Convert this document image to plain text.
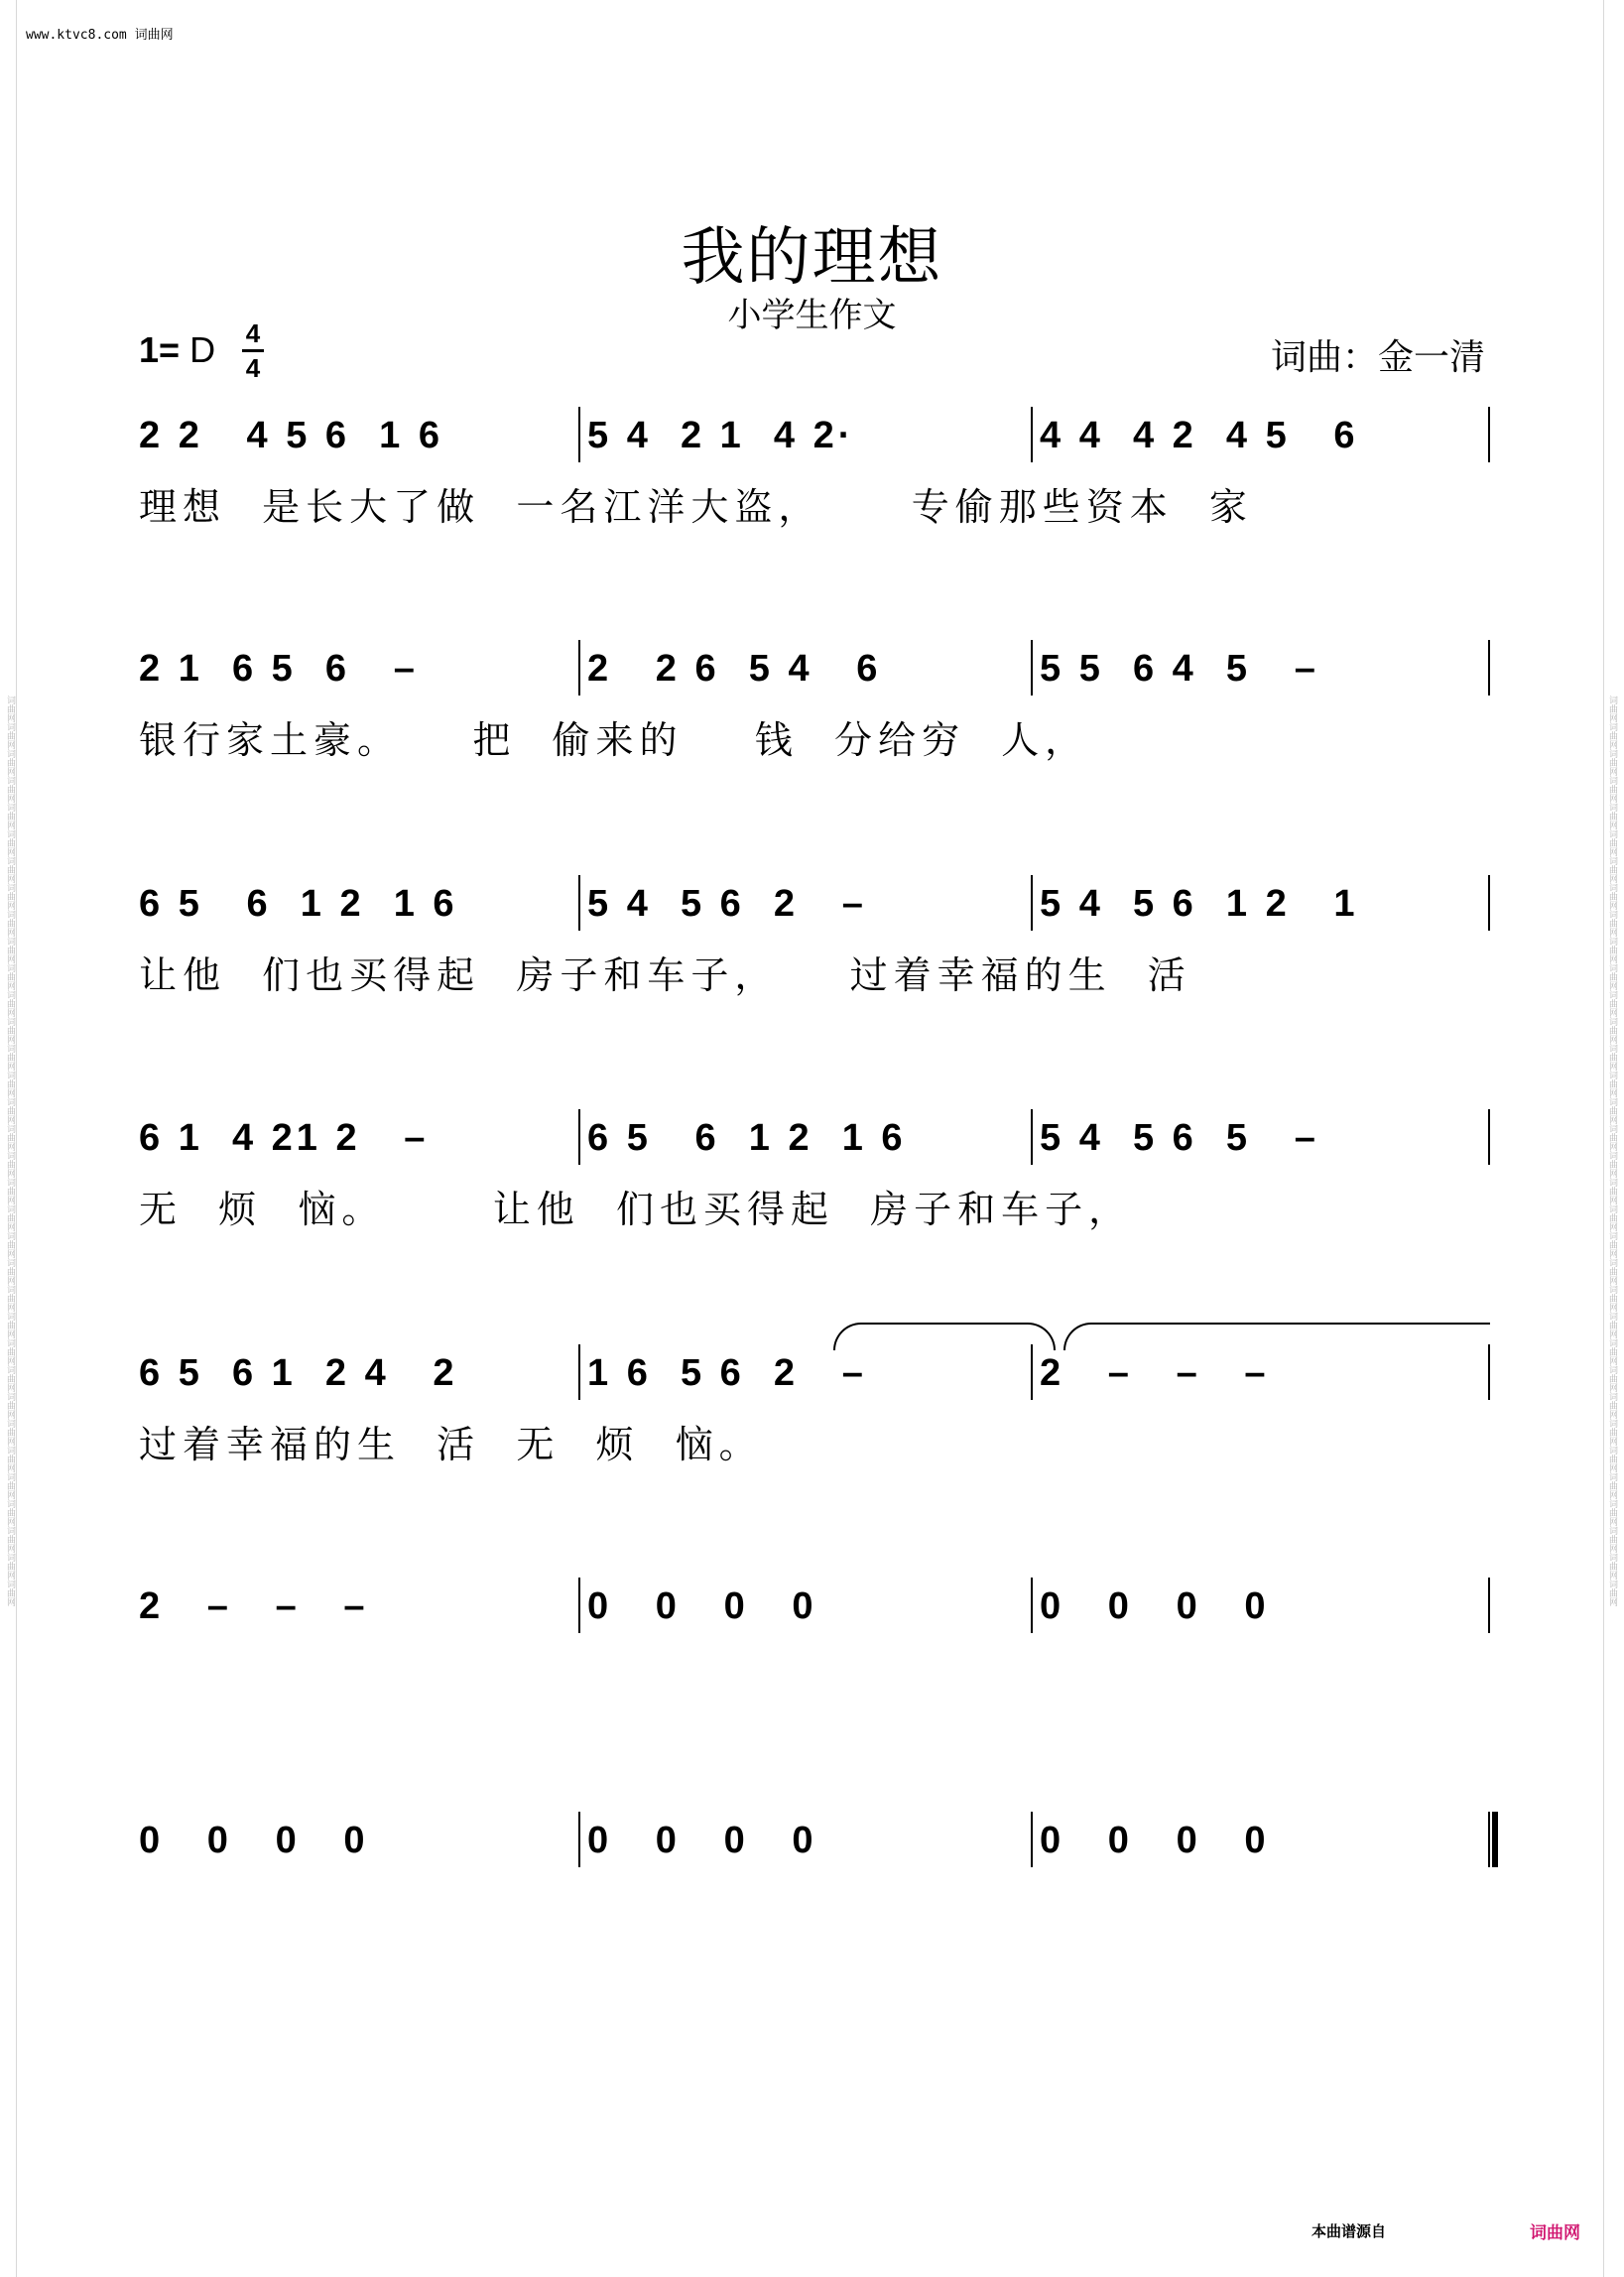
词曲网词曲网词曲网词曲网词曲网词曲网词曲网词曲网词曲网词曲网词曲网词曲网词曲网词曲网词曲网词曲网词曲网词曲网词曲网词曲网词曲网词曲网词曲网词曲网词曲网词曲网词曲网词曲网词曲网词曲网词曲网词曲网词曲网词曲网	词曲网词曲网词曲网词曲网词曲网词曲网词曲网词曲网词曲网词曲网词曲网词曲网词曲网词曲网词曲网词曲网词曲网词曲网词曲网词曲网词曲网词曲网词曲网词曲网词曲网词曲网词曲网词曲网词曲网词曲网词曲网词曲网词曲网词曲网
www.ktvc8.com 词曲网
我的理想
小学生作文
1= D 4
4	词曲：金一清
2 2   4 5 6  1 6	5 4  2 1  4 2·	4 4  4 2  4 5   6
理想  是长大了做  一名江洋大盗，     专偷那些资本  家
2 1  6 5  6   –	2   2 6  5 4   6	5 5  6 4  5   –
银行家土豪。    把  偷来的    钱  分给穷  人，
6 5   6  1 2  1 6	5 4  5 6  2   –	5 4  5 6  1 2   1
让他  们也买得起  房子和车子，    过着幸福的生  活
6 1  4 21 2   –	6 5   6  1 2  1 6	5 4  5 6  5   –
无  烦  恼。      让他  们也买得起  房子和车子，
6 5  6 1  2 4   2	1 6  5 6  2   –	2   –   –   –
过着幸福的生  活  无  烦  恼。
2   –   –   –	0   0   0   0	0   0   0   0
0   0   0   0	0   0   0   0	0   0   0   0
本曲谱源自	词曲网
